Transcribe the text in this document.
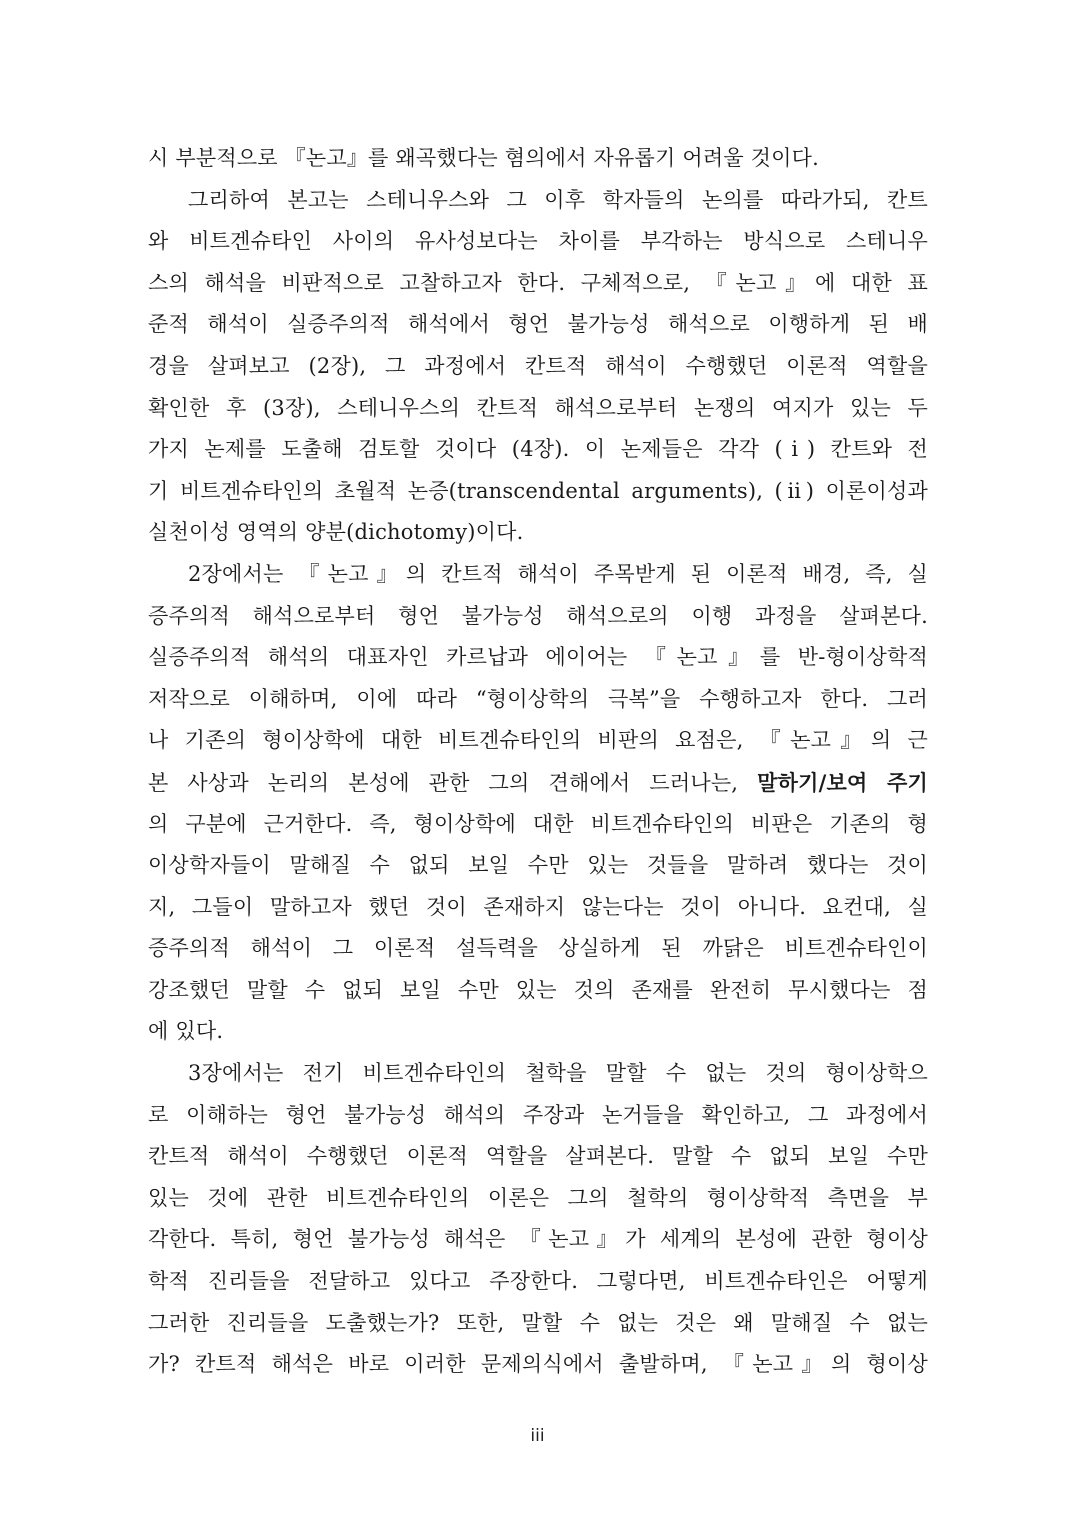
시 부분적으로 『논고』를 왜곡했다는 혐의에서 자유롭기 어려울 것이다.
그리하여 본고는 스테니우스와 그 이후 학자들의 논의를 따라가되, 칸트
와 비트겐슈타인 사이의 유사성보다는 차이를 부각하는 방식으로 스테니우
스의 해석을 비판적으로 고찰하고자 한다. 구체적으로, 『논고』에 대한 표
준적 해석이 실증주의적 해석에서 형언 불가능성 해석으로 이행하게 된 배
경을 살펴보고 (2장), 그 과정에서 칸트적 해석이 수행했던 이론적 역할을
확인한 후 (3장), 스테니우스의 칸트적 해석으로부터 논쟁의 여지가 있는 두
가지 논제를 도출해 검토할 것이다 (4장). 이 논제들은 각각 (ⅰ) 칸트와 전
기 비트겐슈타인의 초월적 논증(transcendental arguments), (ⅱ) 이론이성과
실천이성 영역의 양분(dichotomy)이다.
2장에서는 『논고』의 칸트적 해석이 주목받게 된 이론적 배경, 즉, 실
증주의적 해석으로부터 형언 불가능성 해석으로의 이행 과정을 살펴본다.
실증주의적 해석의 대표자인 카르납과 에이어는 『논고』를 반-형이상학적
저작으로 이해하며, 이에 따라 “형이상학의 극복”을 수행하고자 한다. 그러
나 기존의 형이상학에 대한 비트겐슈타인의 비판의 요점은, 『논고』의 근
본 사상과 논리의 본성에 관한 그의 견해에서 드러나는, 말하기/보여 주기
의 구분에 근거한다. 즉, 형이상학에 대한 비트겐슈타인의 비판은 기존의 형
이상학자들이 말해질 수 없되 보일 수만 있는 것들을 말하려 했다는 것이
지, 그들이 말하고자 했던 것이 존재하지 않는다는 것이 아니다. 요컨대, 실
증주의적 해석이 그 이론적 설득력을 상실하게 된 까닭은 비트겐슈타인이
강조했던 말할 수 없되 보일 수만 있는 것의 존재를 완전히 무시했다는 점
에 있다.
3장에서는 전기 비트겐슈타인의 철학을 말할 수 없는 것의 형이상학으
로 이해하는 형언 불가능성 해석의 주장과 논거들을 확인하고, 그 과정에서
칸트적 해석이 수행했던 이론적 역할을 살펴본다. 말할 수 없되 보일 수만
있는 것에 관한 비트겐슈타인의 이론은 그의 철학의 형이상학적 측면을 부
각한다. 특히, 형언 불가능성 해석은 『논고』가 세계의 본성에 관한 형이상
학적 진리들을 전달하고 있다고 주장한다. 그렇다면, 비트겐슈타인은 어떻게
그러한 진리들을 도출했는가? 또한, 말할 수 없는 것은 왜 말해질 수 없는
가? 칸트적 해석은 바로 이러한 문제의식에서 출발하며, 『논고』의 형이상
iii
